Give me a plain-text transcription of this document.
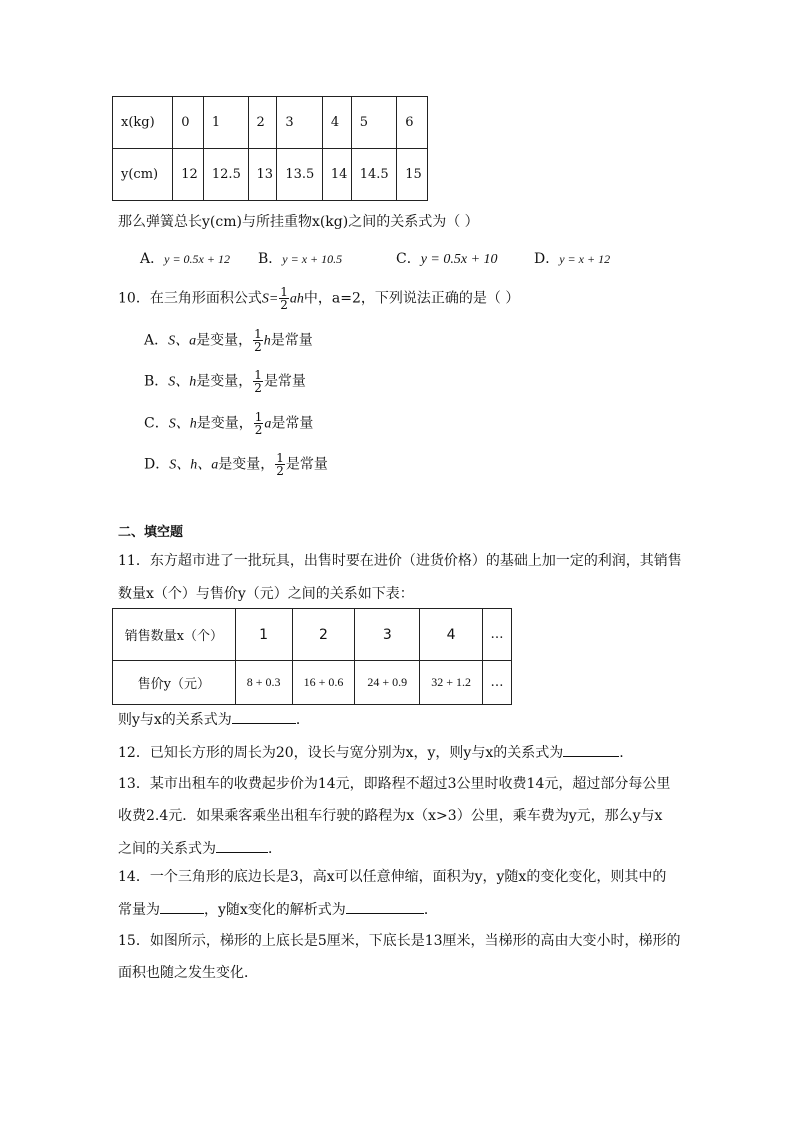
x(kg)	0	1	2	3	4	5	6
y(cm)	12	12.5	13	13.5	14	14.5	15
那么弹簧总长y(cm)与所挂重物x(kg)之间的关系式为（ ）
A．y = 0.5x + 12 B．y = x + 10.5	C．y = 0.5x + 10	D．y = x + 12
10．在三角形面积公式$S= \frac{1}{2}$ ah中，a=2，下列说法正确的是（ ）
A．S、a是变量， $\frac{1}{2}$ h是常量
B．S、h是变量， $\frac{1}{2}$ 是常量
C．S、h是变量， $\frac{1}{2}$ a是常量
D．S、h、a是变量， $\frac{1}{2}$ 是常量
二、填空题
11．东方超市进了一批玩具，出售时要在进价（进货价格）的基础上加一定的利润，其销售
数量x（个）与售价y（元）之间的关系如下表：
销售数量x（个）	1	2	3	4	…
售价y（元）	8 + 0.3	16 + 0.6	24 + 0.9	32 + 1.2	…
则y与x的关系式为	．
12．已知长方形的周长为20，设长与宽分别为x，y，则y与x的关系式为	.
13．某市出租车的收费起步价为14元，即路程不超过3公里时收费14元，超过部分每公里
收费2.4元．如果乘客乘坐出租车行驶的路程为x（x>3）公里，乘车费为y元，那么y与x
之间的关系式为	．
14．一个三角形的底边长是3，高x可以任意伸缩，面积为y，y随x的变化变化，则其中的
常量为	，y随x变化的解析式为	．
15．如图所示，梯形的上底长是5厘米，下底长是13厘米，当梯形的高由大变小时，梯形的
面积也随之发生变化．
